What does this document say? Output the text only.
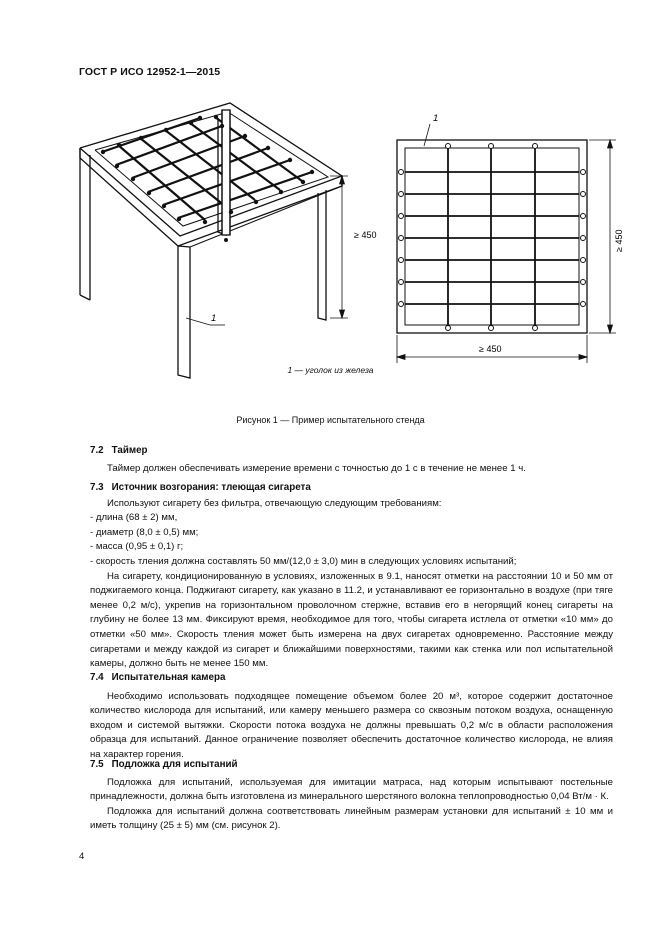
ГОСТ Р ИСО 12952-1—2015
≥ 450
1
1
≥ 450
≥ 450
1 — уголок из железа
Рисунок 1 — Пример испытательного стенда
7.2 Таймер

Таймер должен обеспечивать измерение времени с точностью до 1 с в течение не менее 1 ч.

7.3 Источник возгорания: тлеющая сигарета

Используют сигарету без фильтра, отвечающую следующим требованиям:

- длина (68 ± 2) мм,
- диаметр (8,0 ± 0,5) мм;
- масса (0,95 ± 0,1) г;
- скорость тления должна составлять 50 мм/(12,0 ± 3,0) мин в следующих условиях испытаний;

На сигарету, кондиционированную в условиях, изложенных в 9.1, наносят отметки на расстоянии 10 и 50 мм от поджигаемого конца. Поджигают сигарету, как указано в 11.2, и устанавливают ее горизонтально в воздухе (при тяге менее 0,2 м/с), укрепив на горизонтальном проволочном стержне, вставив его в негорящий конец сигареты на глубину не более 13 мм. Фиксируют время, необходимое для того, чтобы сигарета истлела от отметки «10 мм» до отметки «50 мм». Скорость тления может быть измерена на двух сигаретах одновременно. Расстояние между сигаретами и между каждой из сигарет и ближайшими поверхностями, такими как стенка или пол испытательной камеры, должно быть не менее 150 мм.

7.4 Испытательная камера

Необходимо использовать подходящее помещение объемом более 20 м³, которое содержит достаточное количество кислорода для испытаний, или камеру меньшего размера со сквозным потоком воздуха, оснащенную входом и системой вытяжки. Скорости потока воздуха не должны превышать 0,2 м/с в области расположения образца для испытаний. Данное ограничение позволяет обеспечить достаточное количество кислорода, не влияя на характер горения.

7.5 Подложка для испытаний

Подложка для испытаний, используемая для имитации матраса, над которым испытывают постельные принадлежности, должна быть изготовлена из минерального шерстяного волокна теплопроводностью 0,04 Вт/м · К.

Подложка для испытаний должна соответствовать линейным размерам установки для испытаний ± 10 мм и иметь толщину (25 ± 5) мм (см. рисунок 2).

4
